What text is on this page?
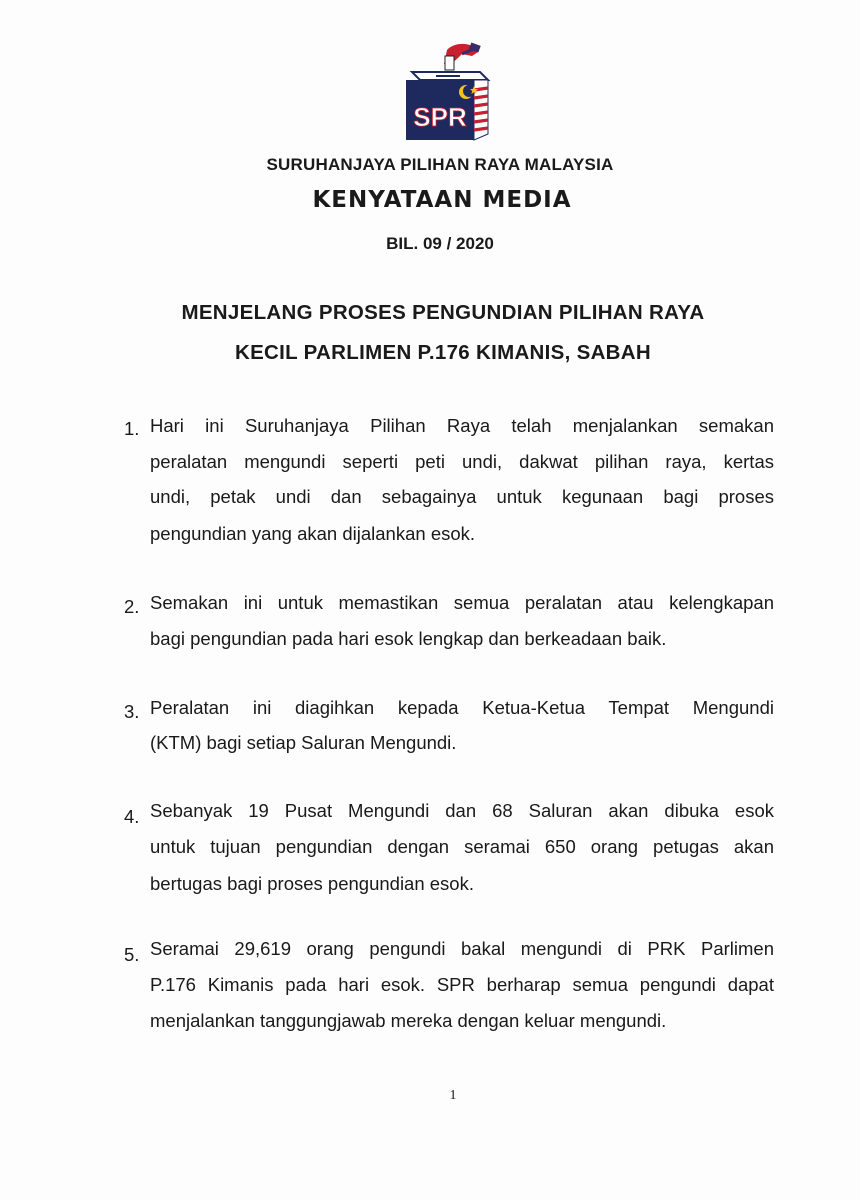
SPR
SURUHANJAYA PILIHAN RAYA MALAYSIA
KENYATAAN MEDIA
BIL. 09 / 2020
MENJELANG PROSES PENGUNDIAN PILIHAN RAYA
KECIL PARLIMEN P.176 KIMANIS, SABAH
1. Hari ini Suruhanjaya Pilihan Raya telah menjalankan semakan
peralatan mengundi seperti peti undi, dakwat pilihan raya, kertas
undi, petak undi dan sebagainya untuk kegunaan bagi proses
pengundian yang akan dijalankan esok.
2. Semakan ini untuk memastikan semua peralatan atau kelengkapan
bagi pengundian pada hari esok lengkap dan berkeadaan baik.
3. Peralatan ini diagihkan kepada Ketua-Ketua Tempat Mengundi
(KTM) bagi setiap Saluran Mengundi.
4. Sebanyak 19 Pusat Mengundi dan 68 Saluran akan dibuka esok
untuk tujuan pengundian dengan seramai 650 orang petugas akan
bertugas bagi proses pengundian esok.
5. Seramai 29,619 orang pengundi bakal mengundi di PRK Parlimen
P.176 Kimanis pada hari esok. SPR berharap semua pengundi dapat
menjalankan tanggungjawab mereka dengan keluar mengundi.
1
